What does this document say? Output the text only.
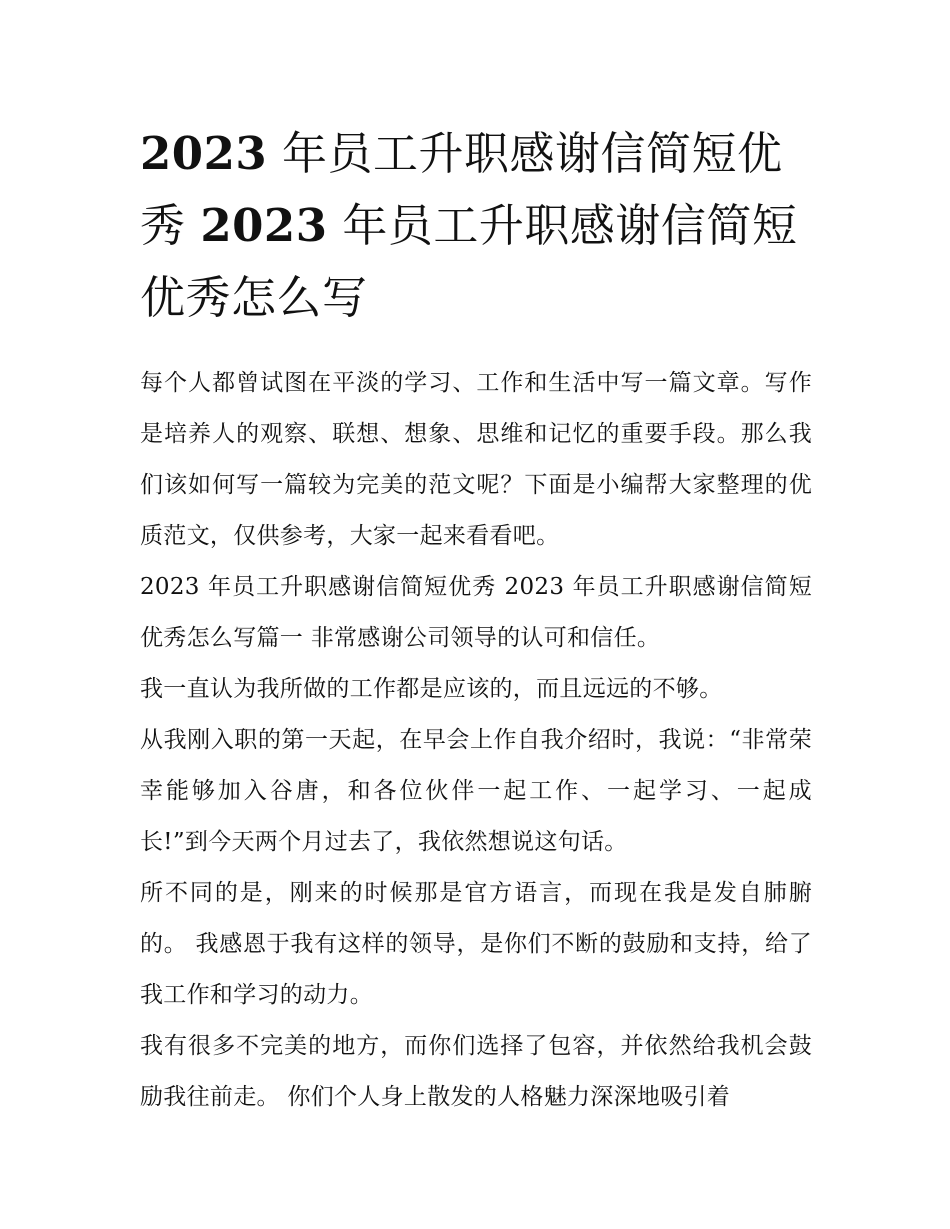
2023 年员工升职感谢信简短优秀 2023 年员工升职感谢信简短优秀怎么写

每个人都曾试图在平淡的学习、工作和生活中写一篇文章。写作是培养人的观察、联想、想象、思维和记忆的重要手段。那么我们该如何写一篇较为完美的范文呢？下面是小编帮大家整理的优质范文，仅供参考，大家一起来看看吧。

2023 年员工升职感谢信简短优秀 2023 年员工升职感谢信简短优秀怎么写篇一 非常感谢公司领导的认可和信任。

我一直认为我所做的工作都是应该的，而且远远的不够。

从我刚入职的第一天起，在早会上作自我介绍时，我说：“非常荣幸能够加入谷唐，和各位伙伴一起工作、一起学习、一起成长!”到今天两个月过去了，我依然想说这句话。

所不同的是，刚来的时候那是官方语言，而现在我是发自肺腑的。 我感恩于我有这样的领导，是你们不断的鼓励和支持，给了我工作和学习的动力。

我有很多不完美的地方，而你们选择了包容，并依然给我机会鼓励我往前走。 你们个人身上散发的人格魅力深深地吸引着
